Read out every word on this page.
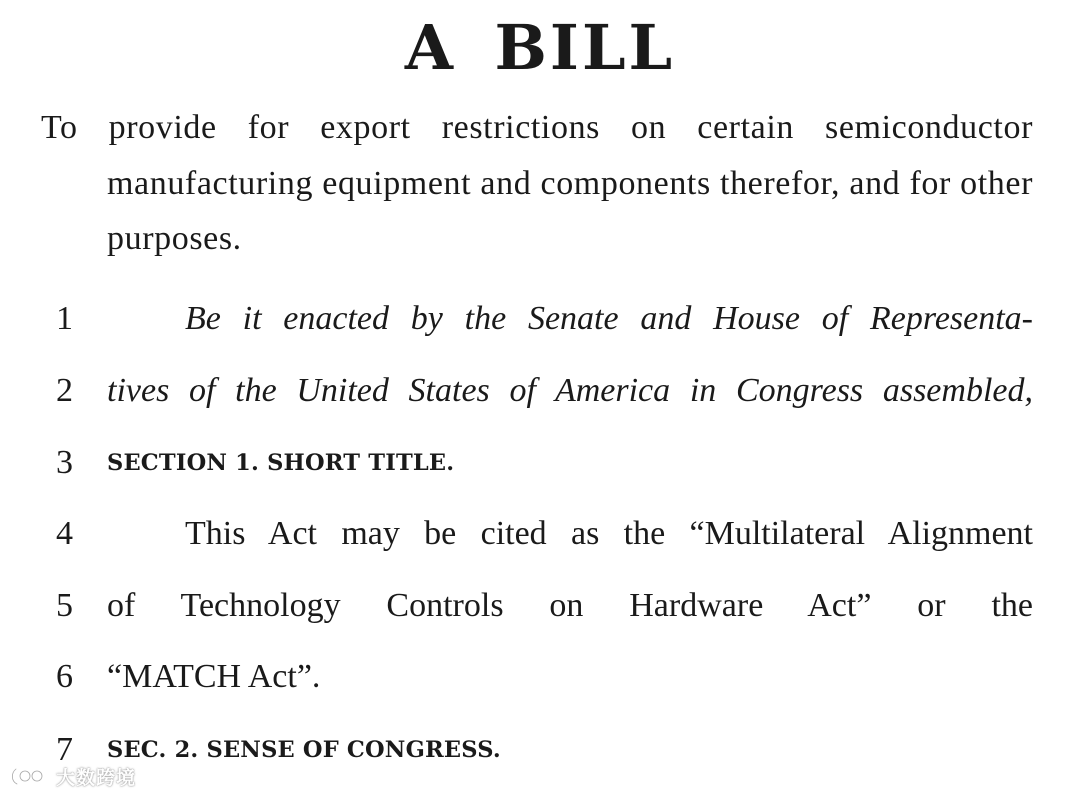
A BILL
To provide for export restrictions on certain semiconductor manufacturing equipment and components therefor, and for other purposes.
1	Be it enacted by the Senate and House of Representa-
2 tives of the United States of America in Congress assembled,
3	SECTION 1. SHORT TITLE.
4	This Act may be cited as the “Multilateral Alignment
5 of Technology Controls on Hardware Act” or the
6 “MATCH Act”.
7	SEC. 2. SENSE OF CONGRESS.
大数跨境
